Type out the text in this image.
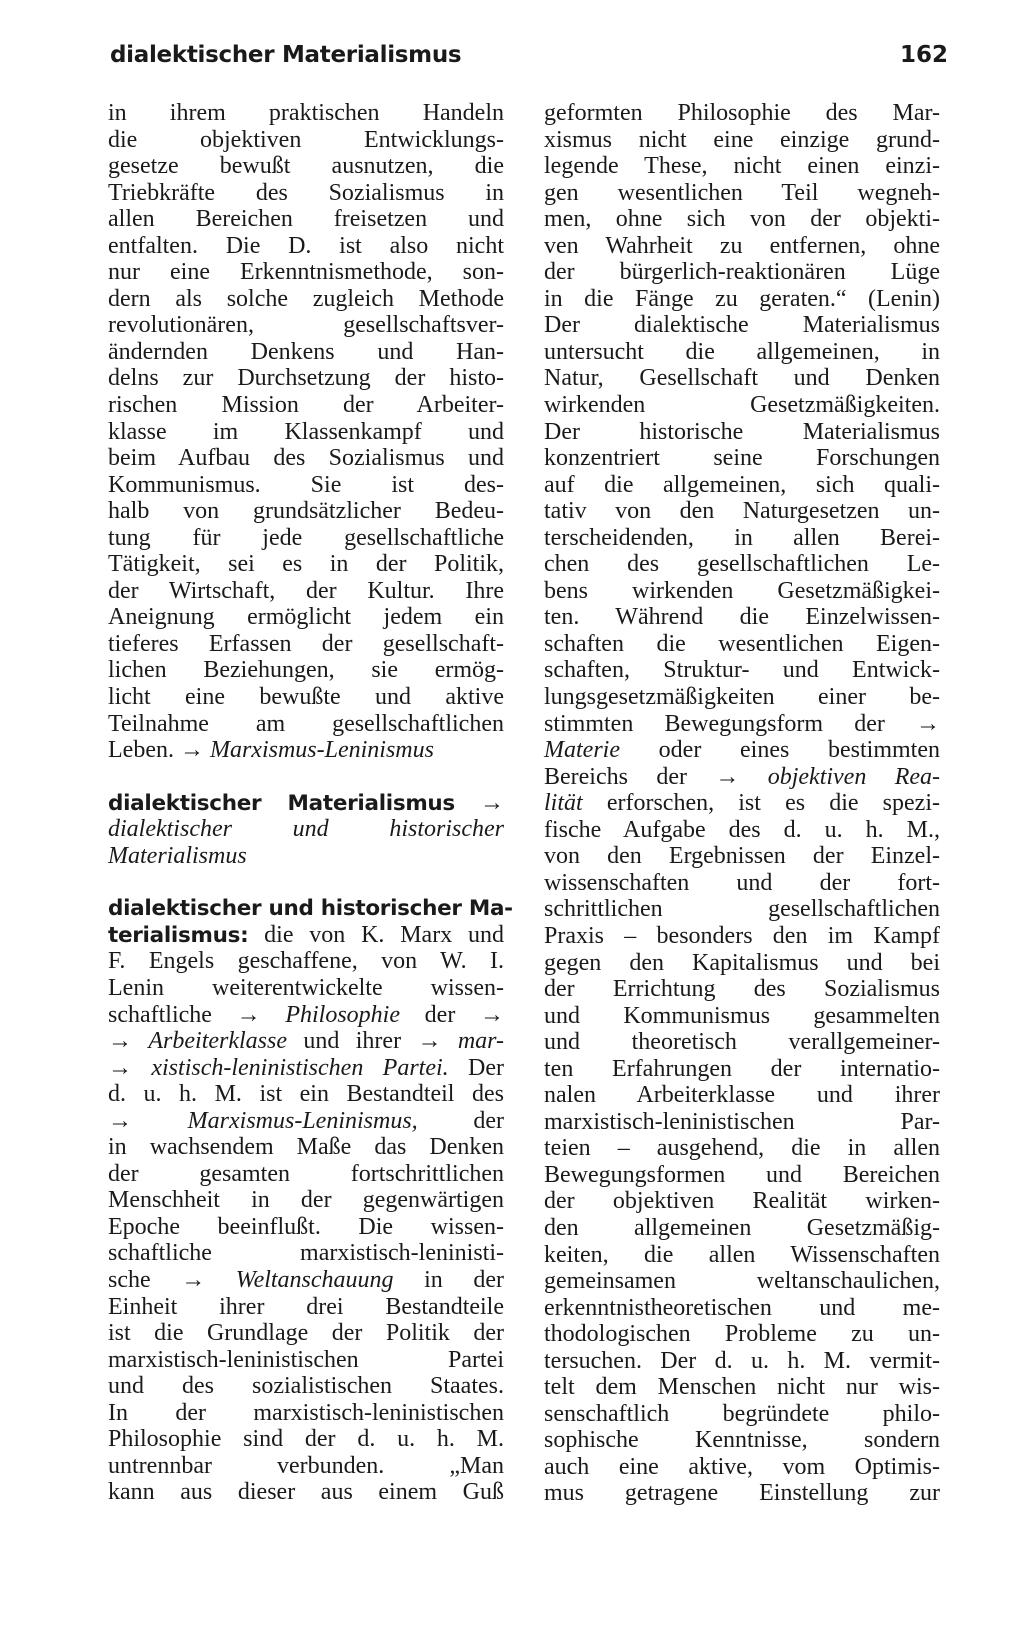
dialektischer Materialismus	162
in ihrem praktischen Handeln
die objektiven Entwicklungs-
gesetze bewußt ausnutzen, die
Triebkräfte des Sozialismus in
allen Bereichen freisetzen und
entfalten. Die D. ist also nicht
nur eine Erkenntnismethode, son-
dern als solche zugleich Methode
revolutionären, gesellschaftsver-
ändernden Denkens und Han-
delns zur Durchsetzung der histo-
rischen Mission der Arbeiter-
klasse im Klassenkampf und
beim Aufbau des Sozialismus und
Kommunismus. Sie ist des-
halb von grundsätzlicher Bedeu-
tung für jede gesellschaftliche
Tätigkeit, sei es in der Politik,
der Wirtschaft, der Kultur. Ihre
Aneignung ermöglicht jedem ein
tieferes Erfassen der gesellschaft-
lichen Beziehungen, sie ermög-
licht eine bewußte und aktive
Teilnahme am gesellschaftlichen
Leben. → Marxismus-Leninismus
dialektischer Materialismus →
dialektischer und historischer
Materialismus
dialektischer und historischer Ma-
terialismus: die von K. Marx und
F. Engels geschaffene, von W. I.
Lenin weiterentwickelte wissen-
schaftliche → Philosophie der →
→ Arbeiterklasse und ihrer → mar-
→ xistisch-leninistischen Partei. Der
d. u. h. M. ist ein Bestandteil des
→ Marxismus-Leninismus, der
in wachsendem Maße das Denken
der gesamten fortschrittlichen
Menschheit in der gegenwärtigen
Epoche beeinflußt. Die wissen-
schaftliche marxistisch-leninisti-
sche → Weltanschauung in der
Einheit ihrer drei Bestandteile
ist die Grundlage der Politik der
marxistisch-leninistischen Partei
und des sozialistischen Staates.
In der marxistisch-leninistischen
Philosophie sind der d. u. h. M.
untrennbar verbunden. „Man
kann aus dieser aus einem Guß
geformten Philosophie des Mar-
xismus nicht eine einzige grund-
legende These, nicht einen einzi-
gen wesentlichen Teil wegneh-
men, ohne sich von der objekti-
ven Wahrheit zu entfernen, ohne
der bürgerlich-reaktionären Lüge
in die Fänge zu geraten.“ (Lenin)
Der dialektische Materialismus
untersucht die allgemeinen, in
Natur, Gesellschaft und Denken
wirkenden Gesetzmäßigkeiten.
Der historische Materialismus
konzentriert seine Forschungen
auf die allgemeinen, sich quali-
tativ von den Naturgesetzen un-
terscheidenden, in allen Berei-
chen des gesellschaftlichen Le-
bens wirkenden Gesetzmäßigkei-
ten. Während die Einzelwissen-
schaften die wesentlichen Eigen-
schaften, Struktur- und Entwick-
lungsgesetzmäßigkeiten einer be-
stimmten Bewegungsform der →
Materie oder eines bestimmten
Bereichs der → objektiven Rea-
lität erforschen, ist es die spezi-
fische Aufgabe des d. u. h. M.,
von den Ergebnissen der Einzel-
wissenschaften und der fort-
schrittlichen gesellschaftlichen
Praxis – besonders den im Kampf
gegen den Kapitalismus und bei
der Errichtung des Sozialismus
und Kommunismus gesammelten
und theoretisch verallgemeiner-
ten Erfahrungen der internatio-
nalen Arbeiterklasse und ihrer
marxistisch-leninistischen Par-
teien – ausgehend, die in allen
Bewegungsformen und Bereichen
der objektiven Realität wirken-
den allgemeinen Gesetzmäßig-
keiten, die allen Wissenschaften
gemeinsamen weltanschaulichen,
erkenntnistheoretischen und me-
thodologischen Probleme zu un-
tersuchen. Der d. u. h. M. vermit-
telt dem Menschen nicht nur wis-
senschaftlich begründete philo-
sophische Kenntnisse, sondern
auch eine aktive, vom Optimis-
mus getragene Einstellung zur
